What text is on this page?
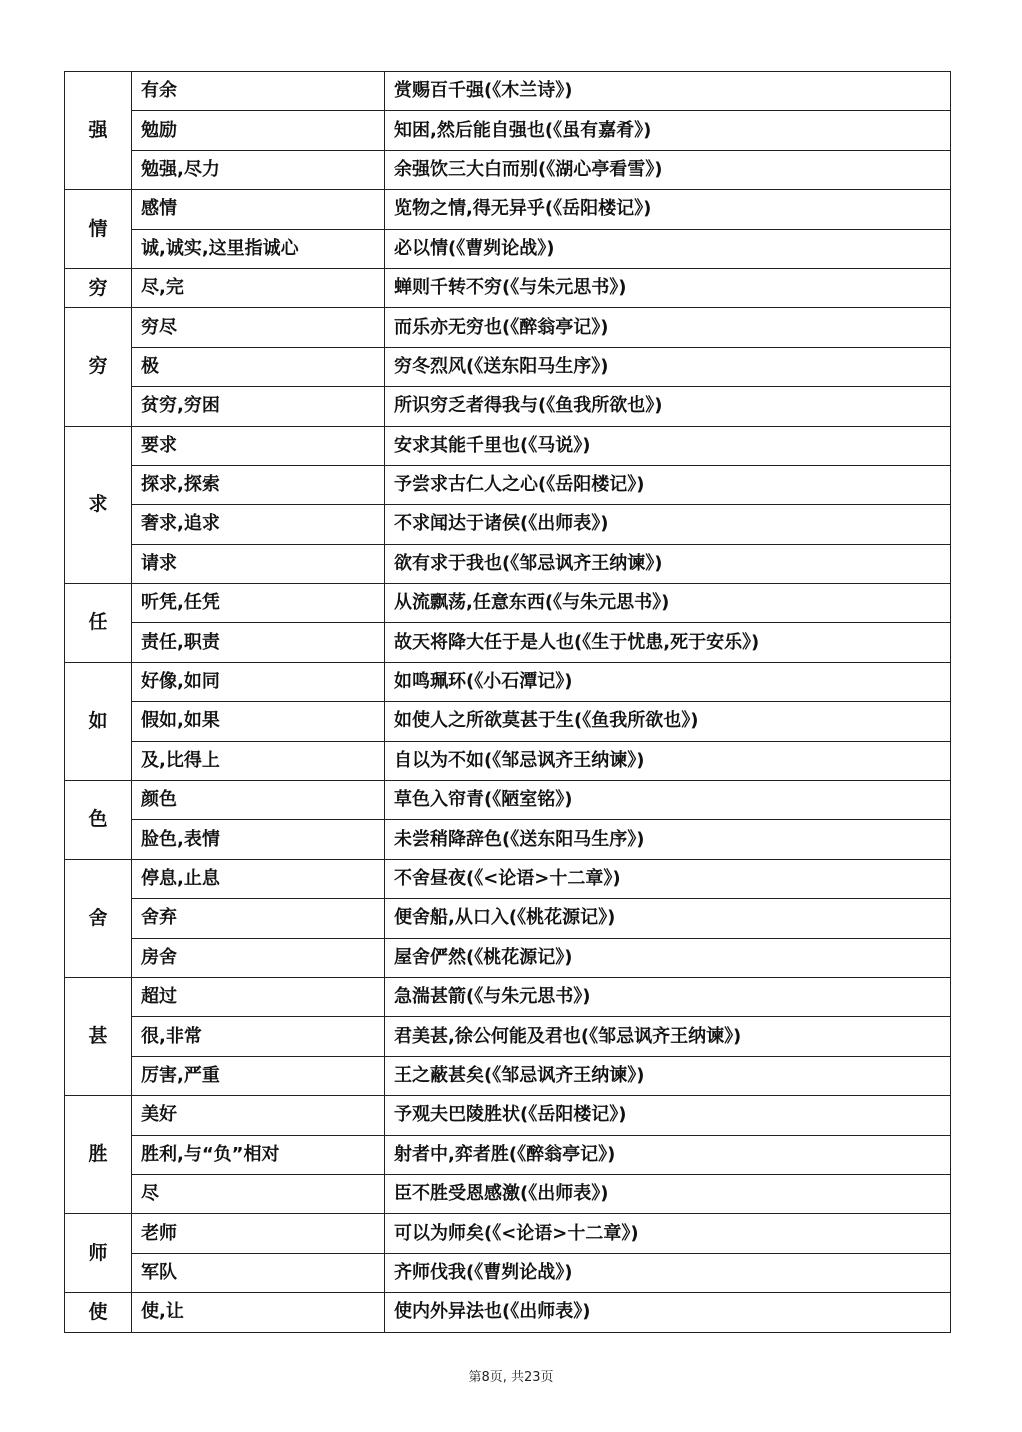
强	有余	赏赐百千强(《木兰诗》)
	勉励	知困,然后能自强也(《虽有嘉肴》)
	勉强,尽力	余强饮三大白而别(《湖心亭看雪》)
情	感情	览物之情,得无异乎(《岳阳楼记》)
	诚,诚实,这里指诚心	必以情(《曹刿论战》)
穷	尽,完	蝉则千转不穷(《与朱元思书》)
穷	穷尽	而乐亦无穷也(《醉翁亭记》)
	极	穷冬烈风(《送东阳马生序》)
	贫穷,穷困	所识穷乏者得我与(《鱼我所欲也》)
求	要求	安求其能千里也(《马说》)
	探求,探索	予尝求古仁人之心(《岳阳楼记》)
	奢求,追求	不求闻达于诸侯(《出师表》)
	请求	欲有求于我也(《邹忌讽齐王纳谏》)
任	听凭,任凭	从流飘荡,任意东西(《与朱元思书》)
	责任,职责	故天将降大任于是人也(《生于忧患,死于安乐》)
如	好像,如同	如鸣珮环(《小石潭记》)
	假如,如果	如使人之所欲莫甚于生(《鱼我所欲也》)
	及,比得上	自以为不如(《邹忌讽齐王纳谏》)
色	颜色	草色入帘青(《陋室铭》)
	脸色,表情	未尝稍降辞色(《送东阳马生序》)
舍	停息,止息	不舍昼夜(《<论语>十二章》)
	舍弃	便舍船,从口入(《桃花源记》)
	房舍	屋舍俨然(《桃花源记》)
甚	超过	急湍甚箭(《与朱元思书》)
	很,非常	君美甚,徐公何能及君也(《邹忌讽齐王纳谏》)
	厉害,严重	王之蔽甚矣(《邹忌讽齐王纳谏》)
胜	美好	予观夫巴陵胜状(《岳阳楼记》)
	胜利,与“负”相对	射者中,弈者胜(《醉翁亭记》)
	尽	臣不胜受恩感激(《出师表》)
师	老师	可以为师矣(《<论语>十二章》)
	军队	齐师伐我(《曹刿论战》)
使	使,让	使内外异法也(《出师表》)
第8页, 共23页
